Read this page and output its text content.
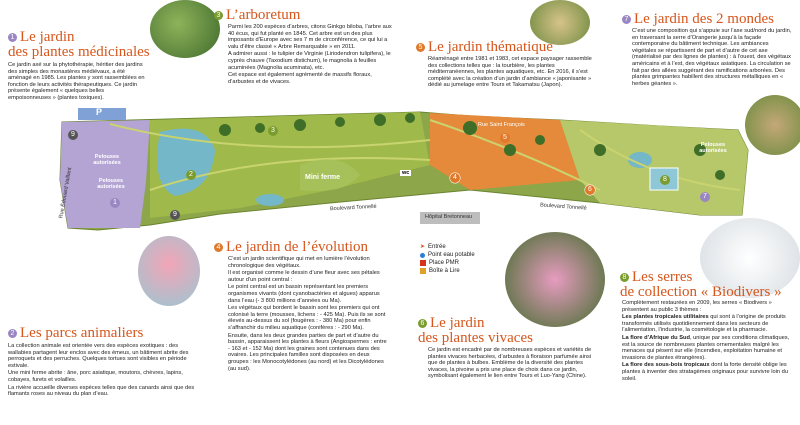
Rue Saint François
Boulevard Tonnellé	Boulevard Tonnellé
Hôpital Bretonneau
Rue Édouard Vaillant	Mini ferme
wc
Pelouses autorisées
Pelouses autorisées
Pelouses autorisées
P
1
2
3
4
5
6
7
8
9
9
1 Le jardin
des plantes médicinales

Ce jardin axé sur la phytothérapie, héritier des jardins des simples des monastères médiévaux, a été aménagé en 1985. Les plantes y sont rassemblées en fonction de leurs activités thérapeutiques. Ce jardin présente également « quelques belles empoisonneuses » (plantes toxiques).

2 Les parcs animaliers

La collection animale est orientée vers des espèces exotiques : des wallabies partagent leur enclos avec des émeus, un bâtiment abrite des perroquets et des perruches. Quelques tortues sont visibles en période estivale.

Une mini ferme abrite : âne, porc asiatique, moutons, chèvres, lapins, cobayes, furets et volailles.

La rivière accueille diverses espèces telles que des canards ainsi que des flamants roses au niveau du plan d’eau.

3 L’arboretum

Parmi les 200 espèces d’arbres, citons Ginkgo biloba, l’arbre aux 40 écus, qui fut planté en 1845. Cet arbre est un des plus imposants d’Europe avec ses 7 m de circonférence, ce qui lui a valu d’être classé « Arbre Remarquable » en 2011.

A admirer aussi : le tulipier de Virginie (Liriodendron tulipifera), le cyprès chauve (Taxodium distichum), le magnolia à feuilles acuminées (Magnolia acuminata), etc.

Cet espace est également agrémenté de massifs floraux, d’arbustes et de vivaces.

4 Le jardin de l’évolution

C’est un jardin scientifique qui met en lumière l’évolution chronologique des végétaux.

Il est organisé comme le dessin d’une fleur avec ses pétales autour d’un point central :

Le point central est un bassin représentant les premiers organismes vivants (dont cyanobactéries et algues) apparus dans l’eau (- 3 800 millions d’années ou Ma).

Les végétaux qui bordent le bassin sont les premiers qui ont colonisé la terre (mousses, lichens : - 425 Ma). Puis ils se sont élevés au-dessus du sol (fougères : - 380 Ma) pour enfin s’affranchir du milieu aquatique (conifères : - 290 Ma).

Ensuite, dans les deux grandes parties de part et d’autre du bassin, apparaissent les plantes à fleurs (Angiospermes : entre - 163 et - 152 Ma) dont les graines sont contenues dans des ovaires. Les principales familles sont disposées en deux groupes : les Monocotylédones (au nord) et les Dicotylédones (au sud).

5 Le jardin thématique

Réaménagé entre 1981 et 1983, cet espace paysager rassemble des collections telles que : la tourbière, les plantes méditerranéennes, les plantes aquatiques, etc. En 2016, il s’est complété avec la création d’un jardin d’ambiance « japonisante » dédié au jumelage entre Tours et Takamatsu (Japon).

6 Le jardin
des plantes vivaces

Ce jardin est encadré par de nombreuses espèces et variétés de plantes vivaces herbacées, d’arbustes à floraison parfumée ainsi que de plantes à bulbes. Emblème de la diversité des plantes vivaces, la pivoine a pris une place de choix dans ce jardin, symbolisant également le lien entre Tours et Luo-Yang (Chine).

7 Le jardin des 2 mondes

C’est une composition qui s’appuie sur l’axe sud/nord du jardin, en traversant la serre d’Orangerie jusqu’à la façade contemporaine du bâtiment technique. Les ambiances végétales se répartissent de part et d’autre de cet axe (matérialisé par des lignes de plantes) : à l’ouest, des végétaux américains et à l’est, des végétaux asiatiques. La circulation se fait par des allées suggérant des ramifications arborées. Des plantes grimpantes habillent des structures métalliques en « herbes géantes ».

8 Les serres
de collection « Biodivers »

Complètement restaurées en 2009, les serres « Biodivers » présentent au public 3 thèmes :

Les plantes tropicales utilitaires qui sont à l’origine de produits transformés utilisés quotidiennement dans les secteurs de l’alimentation, l’industrie, la cosmétologie et la pharmacie.

La flore d’Afrique du Sud, unique par ses conditions climatiques, est la source de nombreuses plantes ornementales malgré les menaces qui pèsent sur elle (incendies, exploitation humaine et invasions de plantes étrangères).

La flore des sous-bois tropicaux dont la forte densité oblige les plantes à inventer des stratagèmes originaux pour survivre loin du soleil.

➤ Entrée
Point eau potable
Place PMR
Boîte à Lire
